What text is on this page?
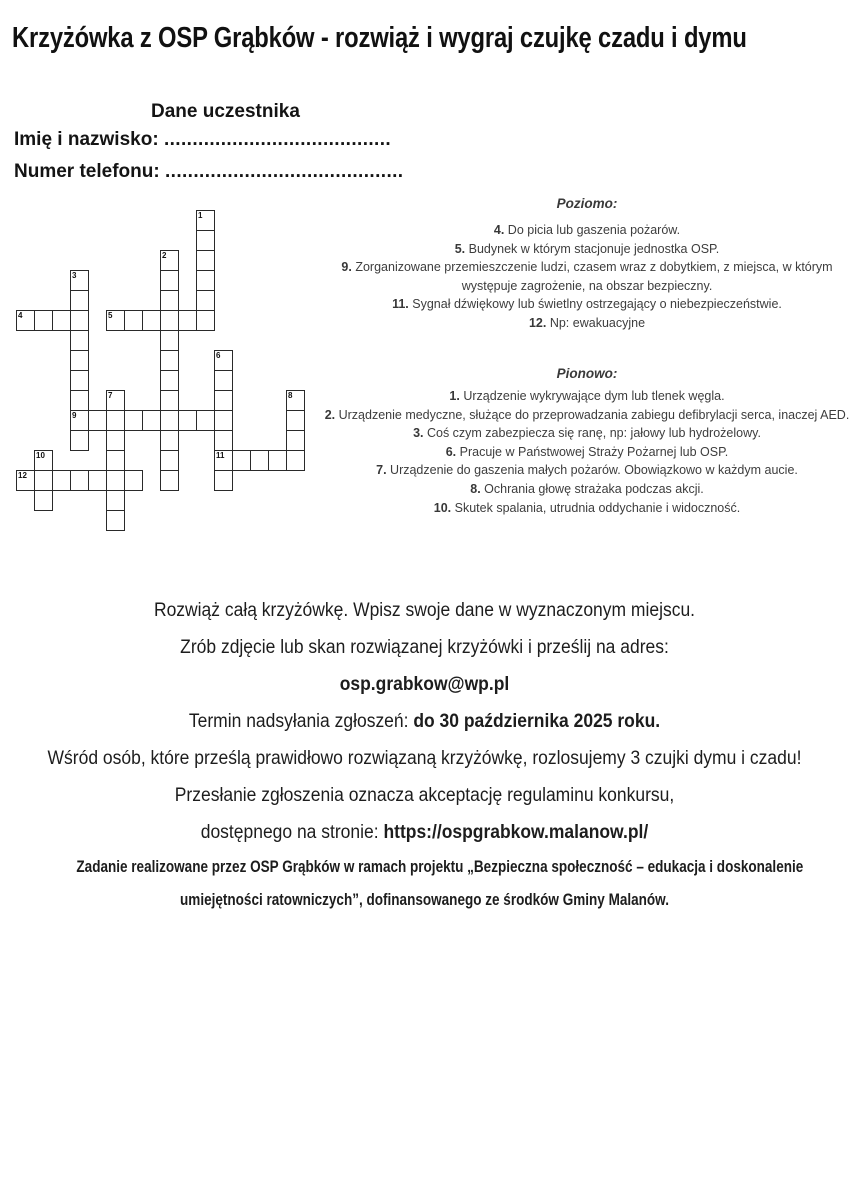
Krzyżówka z OSP Grąbków - rozwiąż i wygraj czujkę czadu i dymu
Dane uczestnika
Imię i nazwisko: ........................................
Numer telefonu: ..........................................
1
2
3
4	5
6
7	8
9
10	11
12
Poziomo:
4. Do picia lub gaszenia pożarów.
5. Budynek w którym stacjonuje jednostka OSP.
9. Zorganizowane przemieszczenie ludzi, czasem wraz z dobytkiem, z miejsca, w którym występuje zagrożenie, na obszar bezpieczny.
11. Sygnał dźwiękowy lub świetlny ostrzegający o niebezpieczeństwie.
12. Np: ewakuacyjne
Pionowo:
1. Urządzenie wykrywające dym lub tlenek węgla.
2. Urządzenie medyczne, służące do przeprowadzania zabiegu defibrylacji serca, inaczej AED.
3. Coś czym zabezpiecza się ranę, np: jałowy lub hydrożelowy.
6. Pracuje w Państwowej Straży Pożarnej lub OSP.
7. Urządzenie do gaszenia małych pożarów. Obowiązkowo w każdym aucie.
8. Ochrania głowę strażaka podczas akcji.
10. Skutek spalania, utrudnia oddychanie i widoczność.
Rozwiąż całą krzyżówkę. Wpisz swoje dane w wyznaczonym miejscu.
Zrób zdjęcie lub skan rozwiązanej krzyżówki i prześlij na adres:
osp.grabkow@wp.pl
Termin nadsyłania zgłoszeń: do 30 października 2025 roku.
Wśród osób, które prześlą prawidłowo rozwiązaną krzyżówkę, rozlosujemy 3 czujki dymu i czadu!
Przesłanie zgłoszenia oznacza akceptację regulaminu konkursu,
dostępnego na stronie: https://ospgrabkow.malanow.pl/
Zadanie realizowane przez OSP Grąbków w ramach projektu „Bezpieczna społeczność – edukacja i doskonalenie
umiejętności ratowniczych”, dofinansowanego ze środków Gminy Malanów.
